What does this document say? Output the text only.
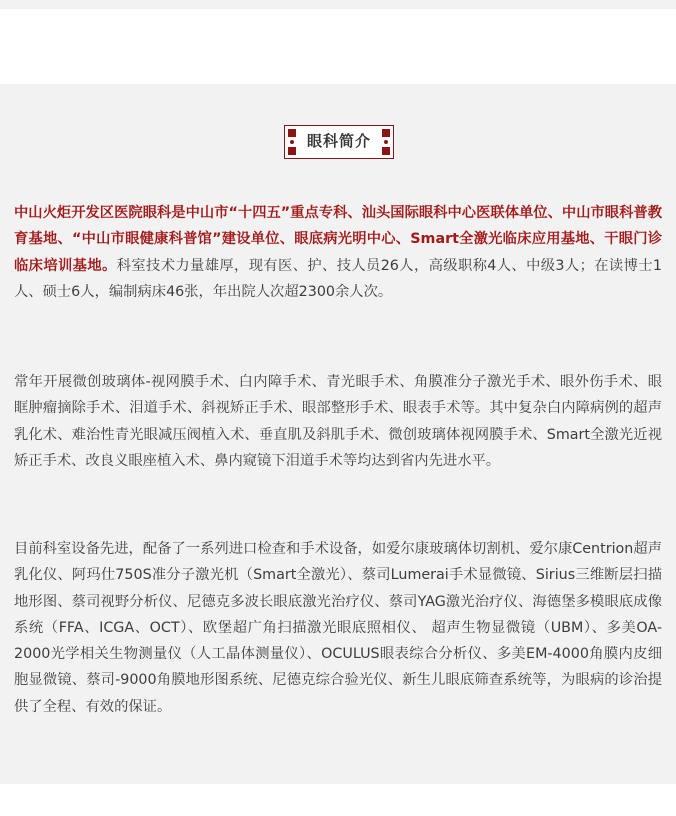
眼科简介

中山火炬开发区医院眼科是中山市“十四五”重点专科、汕头国际眼科中心医联体单位、中山市眼科普教育基地、“中山市眼健康科普馆”建设单位、眼底病光明中心、Smart全激光临床应用基地、干眼门诊临床培训基地。科室技术力量雄厚，现有医、护、技人员26人，高级职称4人、中级3人；在读博士1人、硕士6人，编制病床46张，年出院人次超2300余人次。

常年开展微创玻璃体-视网膜手术、白内障手术、青光眼手术、角膜准分子激光手术、眼外伤手术、眼眶肿瘤摘除手术、泪道手术、斜视矫正手术、眼部整形手术、眼表手术等。其中复杂白内障病例的超声乳化术、难治性青光眼减压阀植入术、垂直肌及斜肌手术、微创玻璃体视网膜手术、Smart全激光近视矫正手术、改良义眼座植入术、鼻内窥镜下泪道手术等均达到省内先进水平。

目前科室设备先进，配备了一系列进口检查和手术设备，如爱尔康玻璃体切割机、爱尔康Centrion超声乳化仪、阿玛仕750S准分子激光机（Smart全激光）、蔡司Lumerai手术显微镜、Sirius三维断层扫描地形图、蔡司视野分析仪、尼德克多波长眼底激光治疗仪、蔡司YAG激光治疗仪、海德堡多模眼底成像系统（FFA、ICGA、OCT）、欧堡超广角扫描激光眼底照相仪、 超声生物显微镜（UBM）、多美OA-2000光学相关生物测量仪（人工晶体测量仪）、OCULUS眼表综合分析仪、多美EM-4000角膜内皮细胞显微镜、蔡司-9000角膜地形图系统、尼德克综合验光仪、新生儿眼底筛查系统等，为眼病的诊治提供了全程、有效的保证。
